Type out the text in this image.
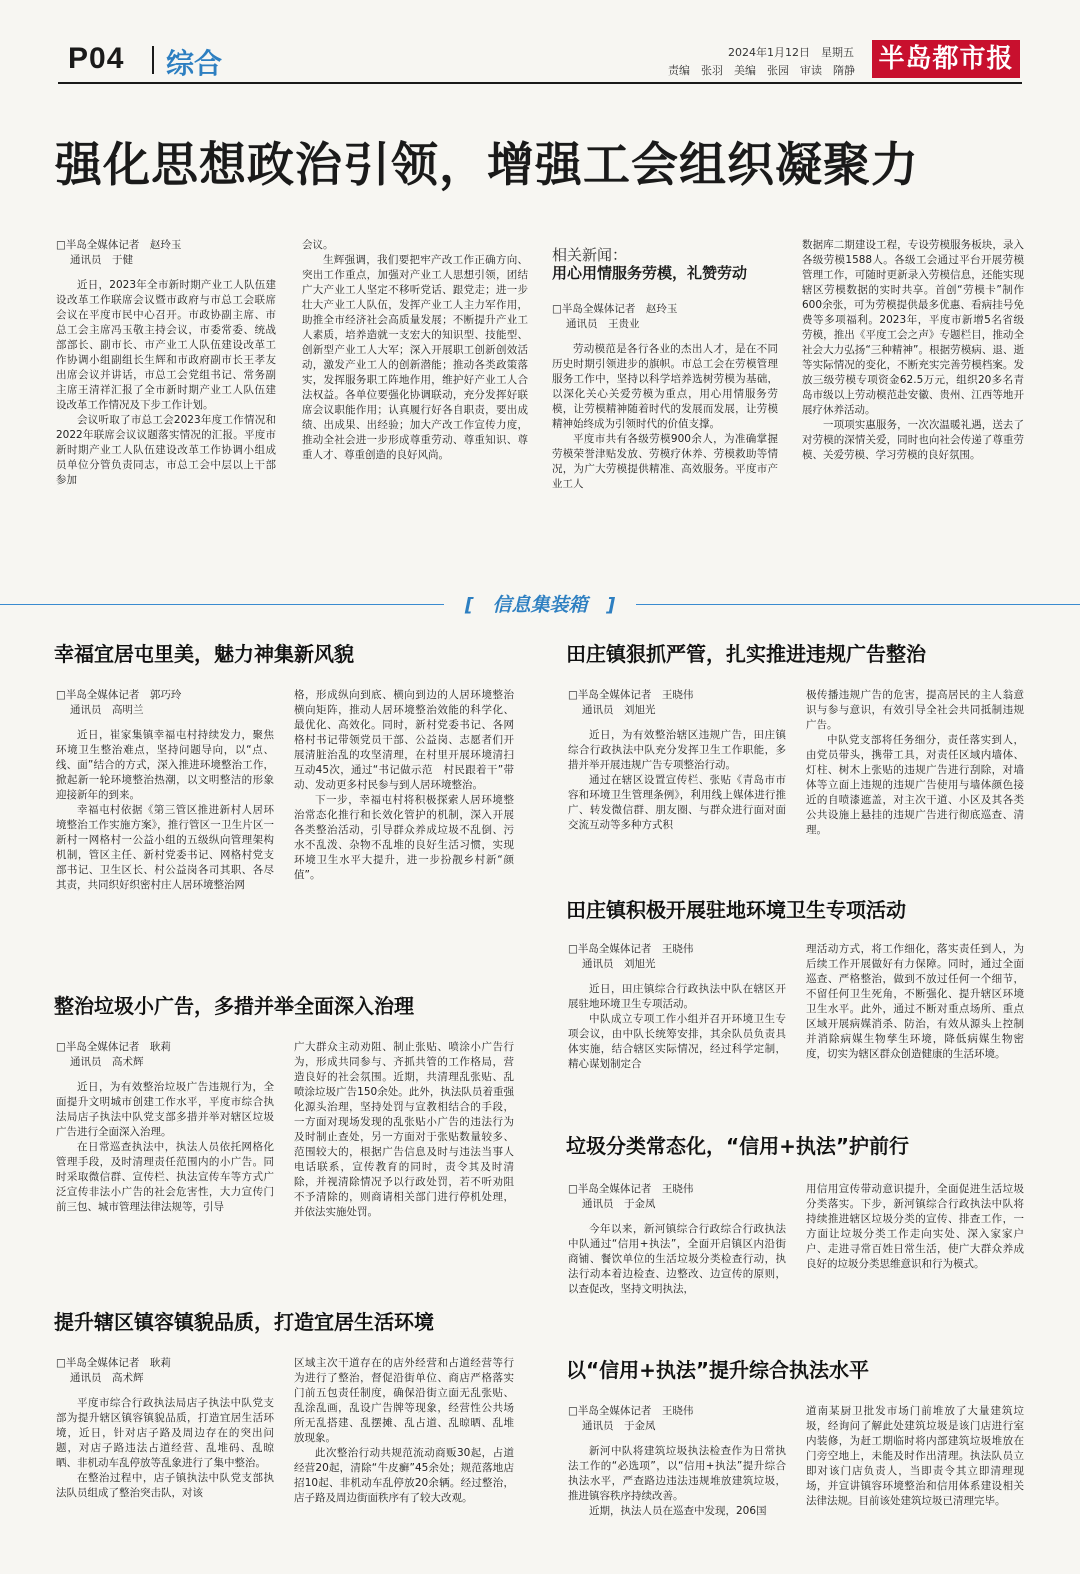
P04 综合	2024年1月12日　星期五
责编　张羽　美编　张园　审读　隋静 半岛都市报
强化思想政治引领，增强工会组织凝聚力
□半岛全媒体记者　赵玲玉
通讯员　于健

近日，2023年全市新时期产业工人队伍建设改革工作联席会议暨市政府与市总工会联席会议在平度市民中心召开。市政协副主席、市总工会主席冯玉敬主持会议，市委常委、统战部部长、副市长、市产业工人队伍建设改革工作协调小组副组长生辉和市政府副市长王孝友出席会议并讲话，市总工会党组书记、常务副主席王清祥汇报了全市新时期产业工人队伍建设改革工作情况及下步工作计划。

会议听取了市总工会2023年度工作情况和2022年联席会议议题落实情况的汇报。平度市新时期产业工人队伍建设改革工作协调小组成员单位分管负责同志，市总工会中层以上干部参加

会议。

生辉强调，我们要把牢产改工作正确方向、突出工作重点，加强对产业工人思想引领，团结广大产业工人坚定不移听党话、跟党走；进一步壮大产业工人队伍，发挥产业工人主力军作用，助推全市经济社会高质量发展；不断提升产业工人素质，培养造就一支宏大的知识型、技能型、创新型产业工人大军；深入开展职工创新创效活动，激发产业工人的创新潜能；推动各类政策落实，发挥服务职工阵地作用，维护好产业工人合法权益。各单位要强化协调联动，充分发挥好联席会议职能作用；认真履行好各自职责，要出成绩、出成果、出经验；加大产改工作宣传力度，推动全社会进一步形成尊重劳动、尊重知识、尊重人才、尊重创造的良好风尚。

相关新闻：
用心用情服务劳模，礼赞劳动
□半岛全媒体记者　赵玲玉
通讯员　王贵业

劳动模范是各行各业的杰出人才，是在不同历史时期引领进步的旗帜。市总工会在劳模管理服务工作中，坚持以科学培养选树劳模为基础，以深化关心关爱劳模为重点，用心用情服务劳模，让劳模精神随着时代的发展而发展，让劳模精神始终成为引领时代的价值支撑。

平度市共有各级劳模900余人，为准确掌握劳模荣誉津贴发放、劳模疗休养、劳模救助等情况，为广大劳模提供精准、高效服务。平度市产业工人

数据库二期建设工程，专设劳模服务板块，录入各级劳模1588人。各级工会通过平台开展劳模管理工作，可随时更新录入劳模信息，还能实现辖区劳模数据的实时共享。首创“劳模卡”制作600余张，可为劳模提供最多优惠、看病挂号免费等多项福利。2023年，平度市新增5名省级劳模，推出《平度工会之声》专题栏目，推动全社会大力弘扬“三种精神”。根据劳模病、退、逝等实际情况的变化，不断充实完善劳模档案。发放三级劳模专项资金62.5万元，组织20多名青岛市级以上劳动模范赴安徽、贵州、江西等地开展疗休养活动。

一项项实惠服务，一次次温暖礼遇，送去了对劳模的深情关爱，同时也向社会传递了尊重劳模、关爱劳模、学习劳模的良好氛围。

[　信息集装箱　]
幸福宜居屯里美，魅力神集新风貌
□半岛全媒体记者　郭巧玲
通讯员　高明兰

近日，崔家集镇幸福屯村持续发力，聚焦环境卫生整治难点，坚持问题导向，以“点、线、面”结合的方式，深入推进环境整治工作，掀起新一轮环境整治热潮，以文明整洁的形象迎接新年的到来。

幸福屯村依据《第三管区推进新村人居环境整治工作实施方案》，推行管区一卫生片区一新村一网格村一公益小组的五级纵向管理架构机制，管区主任、新村党委书记、网格村党支部书记、卫生区长、村公益岗各司其职、各尽其责，共同织好织密村庄人居环境整治网

格，形成纵向到底、横向到边的人居环境整治横向矩阵，推动人居环境整治效能的科学化、最优化、高效化。同时，新村党委书记、各网格村书记带领党员干部、公益岗、志愿者们开展清脏治乱的攻坚清理，在村里开展环境清扫互动45次，通过“书记做示范　村民跟着干”带动、发动更多村民参与到人居环境整治。

下一步，幸福屯村将积极探索人居环境整治常态化推行和长效化管护的机制，深入开展各类整治活动，引导群众养成垃圾不乱倒、污水不乱泼、杂物不乱堆的良好生活习惯，实现环境卫生水平大提升，进一步扮靓乡村新“颜值”。

整治垃圾小广告，多措并举全面深入治理
□半岛全媒体记者　耿莉
通讯员　高术辉

近日，为有效整治垃圾广告违规行为，全面提升文明城市创建工作水平，平度市综合执法局店子执法中队党支部多措并举对辖区垃圾广告进行全面深入治理。

在日常巡查执法中，执法人员依托网格化管理手段，及时清理责任范围内的小广告。同时采取微信群、宣传栏、执法宣传车等方式广泛宣传非法小广告的社会危害性，大力宣传门前三包、城市管理法律法规等，引导

广大群众主动劝阻、制止张贴、喷涂小广告行为，形成共同参与、齐抓共管的工作格局，营造良好的社会氛围。近期，共清理乱张贴、乱喷涂垃圾广告150余处。此外，执法队员着重强化源头治理，坚持处罚与宣教相结合的手段，一方面对现场发现的乱张贴小广告的违法行为及时制止查处，另一方面对于张贴数量较多、范围较大的，根据广告信息及时与违法当事人电话联系，宣传教育的同时，责令其及时清除，并视清除情况予以行政处罚，若不听劝阻不予清除的，则商请相关部门进行停机处理，并依法实施处罚。

提升辖区镇容镇貌品质，打造宜居生活环境
□半岛全媒体记者　耿莉
通讯员　高术辉

平度市综合行政执法局店子执法中队党支部为提升辖区镇容镇貌品质，打造宜居生活环境，近日，针对店子路及周边存在的突出问题，对店子路违法占道经营、乱堆码、乱晾晒、非机动车乱停放等乱象进行了集中整治。

在整治过程中，店子镇执法中队党支部执法队员组成了整治突击队，对该

区域主次干道存在的店外经营和占道经营等行为进行了整治，督促沿街单位、商店严格落实门前五包责任制度，确保沿街立面无乱张贴、乱涂乱画，乱设广告牌等现象，经营性公共场所无乱搭建、乱摆摊、乱占道、乱晾晒、乱堆放现象。

此次整治行动共规范流动商贩30起，占道经营20起，清除“牛皮癣”45余处；规范落地店招10起、非机动车乱停放20余辆。经过整治，店子路及周边街面秩序有了较大改观。

田庄镇狠抓严管，扎实推进违规广告整治
□半岛全媒体记者　王晓伟
通讯员　刘旭光

近日，为有效整治辖区违规广告，田庄镇综合行政执法中队充分发挥卫生工作职能，多措并举开展违规广告专项整治行动。

通过在辖区设置宣传栏、张贴《青岛市市容和环境卫生管理条例》，利用线上媒体进行推广、转发微信群、朋友圈、与群众进行面对面交流互动等多种方式积

极传播违规广告的危害，提高居民的主人翁意识与参与意识，有效引导全社会共同抵制违规广告。

中队党支部将任务细分，责任落实到人，由党员带头，携带工具，对责任区域内墙体、灯柱、树木上张贴的违规广告进行刮除，对墙体等立面上违规的违规广告使用与墙体颜色接近的自喷漆遮盖，对主次干道、小区及其各类公共设施上悬挂的违规广告进行彻底巡查、清理。

田庄镇积极开展驻地环境卫生专项活动
□半岛全媒体记者　王晓伟
通讯员　刘旭光

近日，田庄镇综合行政执法中队在辖区开展驻地环境卫生专项活动。

中队成立专项工作小组并召开环境卫生专项会议，由中队长统筹安排，其余队员负责具体实施，结合辖区实际情况，经过科学定制，精心谋划制定合

理活动方式，将工作细化，落实责任到人，为后续工作开展做好有力保障。同时，通过全面巡查、严格整治，做到不放过任何一个细节，不留任何卫生死角，不断强化、提升辖区环境卫生水平。此外，通过不断对重点场所、重点区域开展病媒消杀、防治，有效从源头上控制并消除病媒生物孳生环境，降低病媒生物密度，切实为辖区群众创造健康的生活环境。

垃圾分类常态化，“信用+执法”护前行
□半岛全媒体记者　王晓伟
通讯员　于金凤

今年以来，新河镇综合行政综合行政执法中队通过“信用+执法”，全面开启镇区内沿街商铺、餐饮单位的生活垃圾分类检查行动，执法行动本着边检查、边整改、边宣传的原则，以查促改，坚持文明执法，

用信用宣传带动意识提升，全面促进生活垃圾分类落实。下步，新河镇综合行政执法中队将持续推进辖区垃圾分类的宣传、排查工作，一方面让垃圾分类工作走向实处、深入家家户户、走进寻常百姓日常生活，使广大群众养成良好的垃圾分类思维意识和行为模式。

以“信用+执法”提升综合执法水平
□半岛全媒体记者　王晓伟
通讯员　于金凤

新河中队将建筑垃圾执法检查作为日常执法工作的“必选项”，以“信用+执法”提升综合执法水平，严查路边违法违规堆放建筑垃圾，推进镇容秩序持续改善。

近期，执法人员在巡查中发现，206国

道南某厨卫批发市场门前堆放了大量建筑垃圾，经询问了解此处建筑垃圾是该门店进行室内装修，为赶工期临时将内部建筑垃圾堆放在门旁空地上，未能及时作出清理。执法队员立即对该门店负责人，当即责令其立即清理现场，并宣讲镇容环境整治和信用体系建设相关法律法规。目前该处建筑垃圾已清理完毕。
